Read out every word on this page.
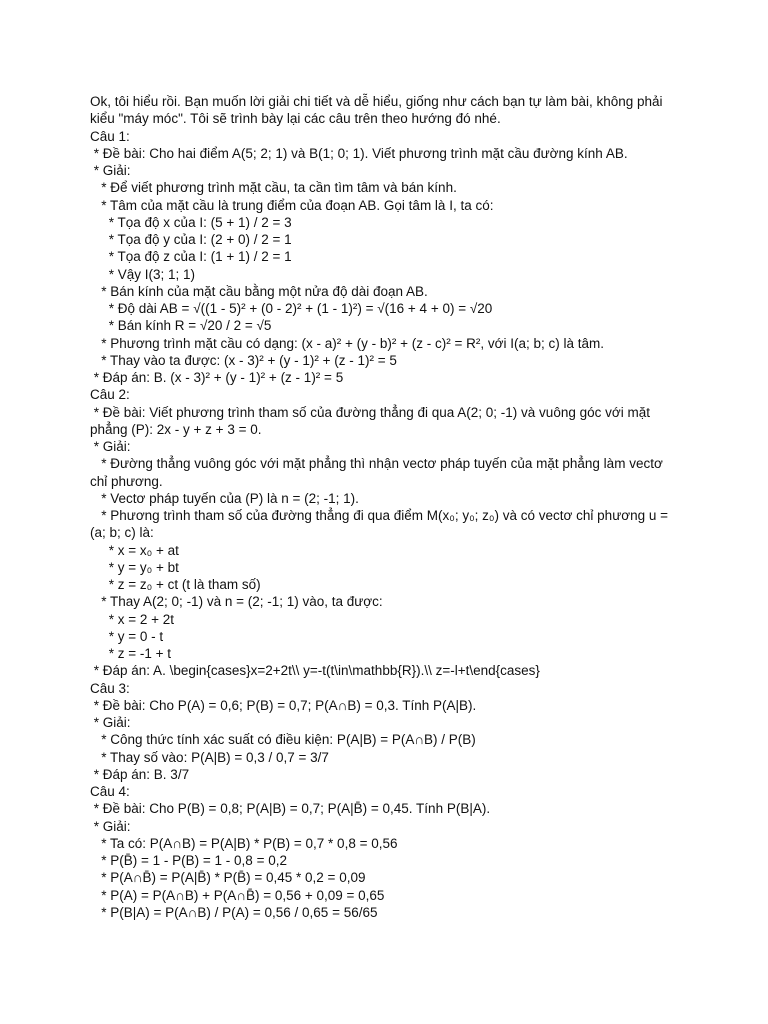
Ok, tôi hiểu rồi. Bạn muốn lời giải chi tiết và dễ hiểu, giống như cách bạn tự làm bài, không phải

kiểu "máy móc". Tôi sẽ trình bày lại các câu trên theo hướng đó nhé.

Câu 1:

* Đề bài: Cho hai điểm A(5; 2; 1) và B(1; 0; 1). Viết phương trình mặt cầu đường kính AB.

* Giải:

* Để viết phương trình mặt cầu, ta cần tìm tâm và bán kính.

* Tâm của mặt cầu là trung điểm của đoạn AB. Gọi tâm là I, ta có:

* Tọa độ x của I: (5 + 1) / 2 = 3

* Tọa độ y của I: (2 + 0) / 2 = 1

* Tọa độ z của I: (1 + 1) / 2 = 1

* Vậy I(3; 1; 1)

* Bán kính của mặt cầu bằng một nửa độ dài đoạn AB.

* Độ dài AB = √((1 - 5)² + (0 - 2)² + (1 - 1)²) = √(16 + 4 + 0) = √20

* Bán kính R = √20 / 2 = √5

* Phương trình mặt cầu có dạng: (x - a)² + (y - b)² + (z - c)² = R², với I(a; b; c) là tâm.

* Thay vào ta được: (x - 3)² + (y - 1)² + (z - 1)² = 5

* Đáp án: B. (x - 3)² + (y - 1)² + (z - 1)² = 5

Câu 2:

* Đề bài: Viết phương trình tham số của đường thẳng đi qua A(2; 0; -1) và vuông góc với mặt

phẳng (P): 2x - y + z + 3 = 0.

* Giải:

* Đường thẳng vuông góc với mặt phẳng thì nhận vectơ pháp tuyến của mặt phẳng làm vectơ

chỉ phương.

* Vectơ pháp tuyến của (P) là n = (2; -1; 1).

* Phương trình tham số của đường thẳng đi qua điểm M(x₀; y₀; z₀) và có vectơ chỉ phương u =

(a; b; c) là:

* x = x₀ + at

* y = y₀ + bt

* z = z₀ + ct (t là tham số)

* Thay A(2; 0; -1) và n = (2; -1; 1) vào, ta được:

* x = 2 + 2t

* y = 0 - t

* z = -1 + t

* Đáp án: A. \begin{cases}x=2+2t\\ y=-t(t\in\mathbb{R}).\\ z=-l+t\end{cases}

Câu 3:

* Đề bài: Cho P(A) = 0,6; P(B) = 0,7; P(A∩B) = 0,3. Tính P(A|B).

* Giải:

* Công thức tính xác suất có điều kiện: P(A|B) = P(A∩B) / P(B)

* Thay số vào: P(A|B) = 0,3 / 0,7 = 3/7

* Đáp án: B. 3/7

Câu 4:

* Đề bài: Cho P(B) = 0,8; P(A|B) = 0,7; P(A|B̄) = 0,45. Tính P(B|A).

* Giải:

* Ta có: P(A∩B) = P(A|B) * P(B) = 0,7 * 0,8 = 0,56

* P(B̄) = 1 - P(B) = 1 - 0,8 = 0,2

* P(A∩B̄) = P(A|B̄) * P(B̄) = 0,45 * 0,2 = 0,09

* P(A) = P(A∩B) + P(A∩B̄) = 0,56 + 0,09 = 0,65

* P(B|A) = P(A∩B) / P(A) = 0,56 / 0,65 = 56/65
